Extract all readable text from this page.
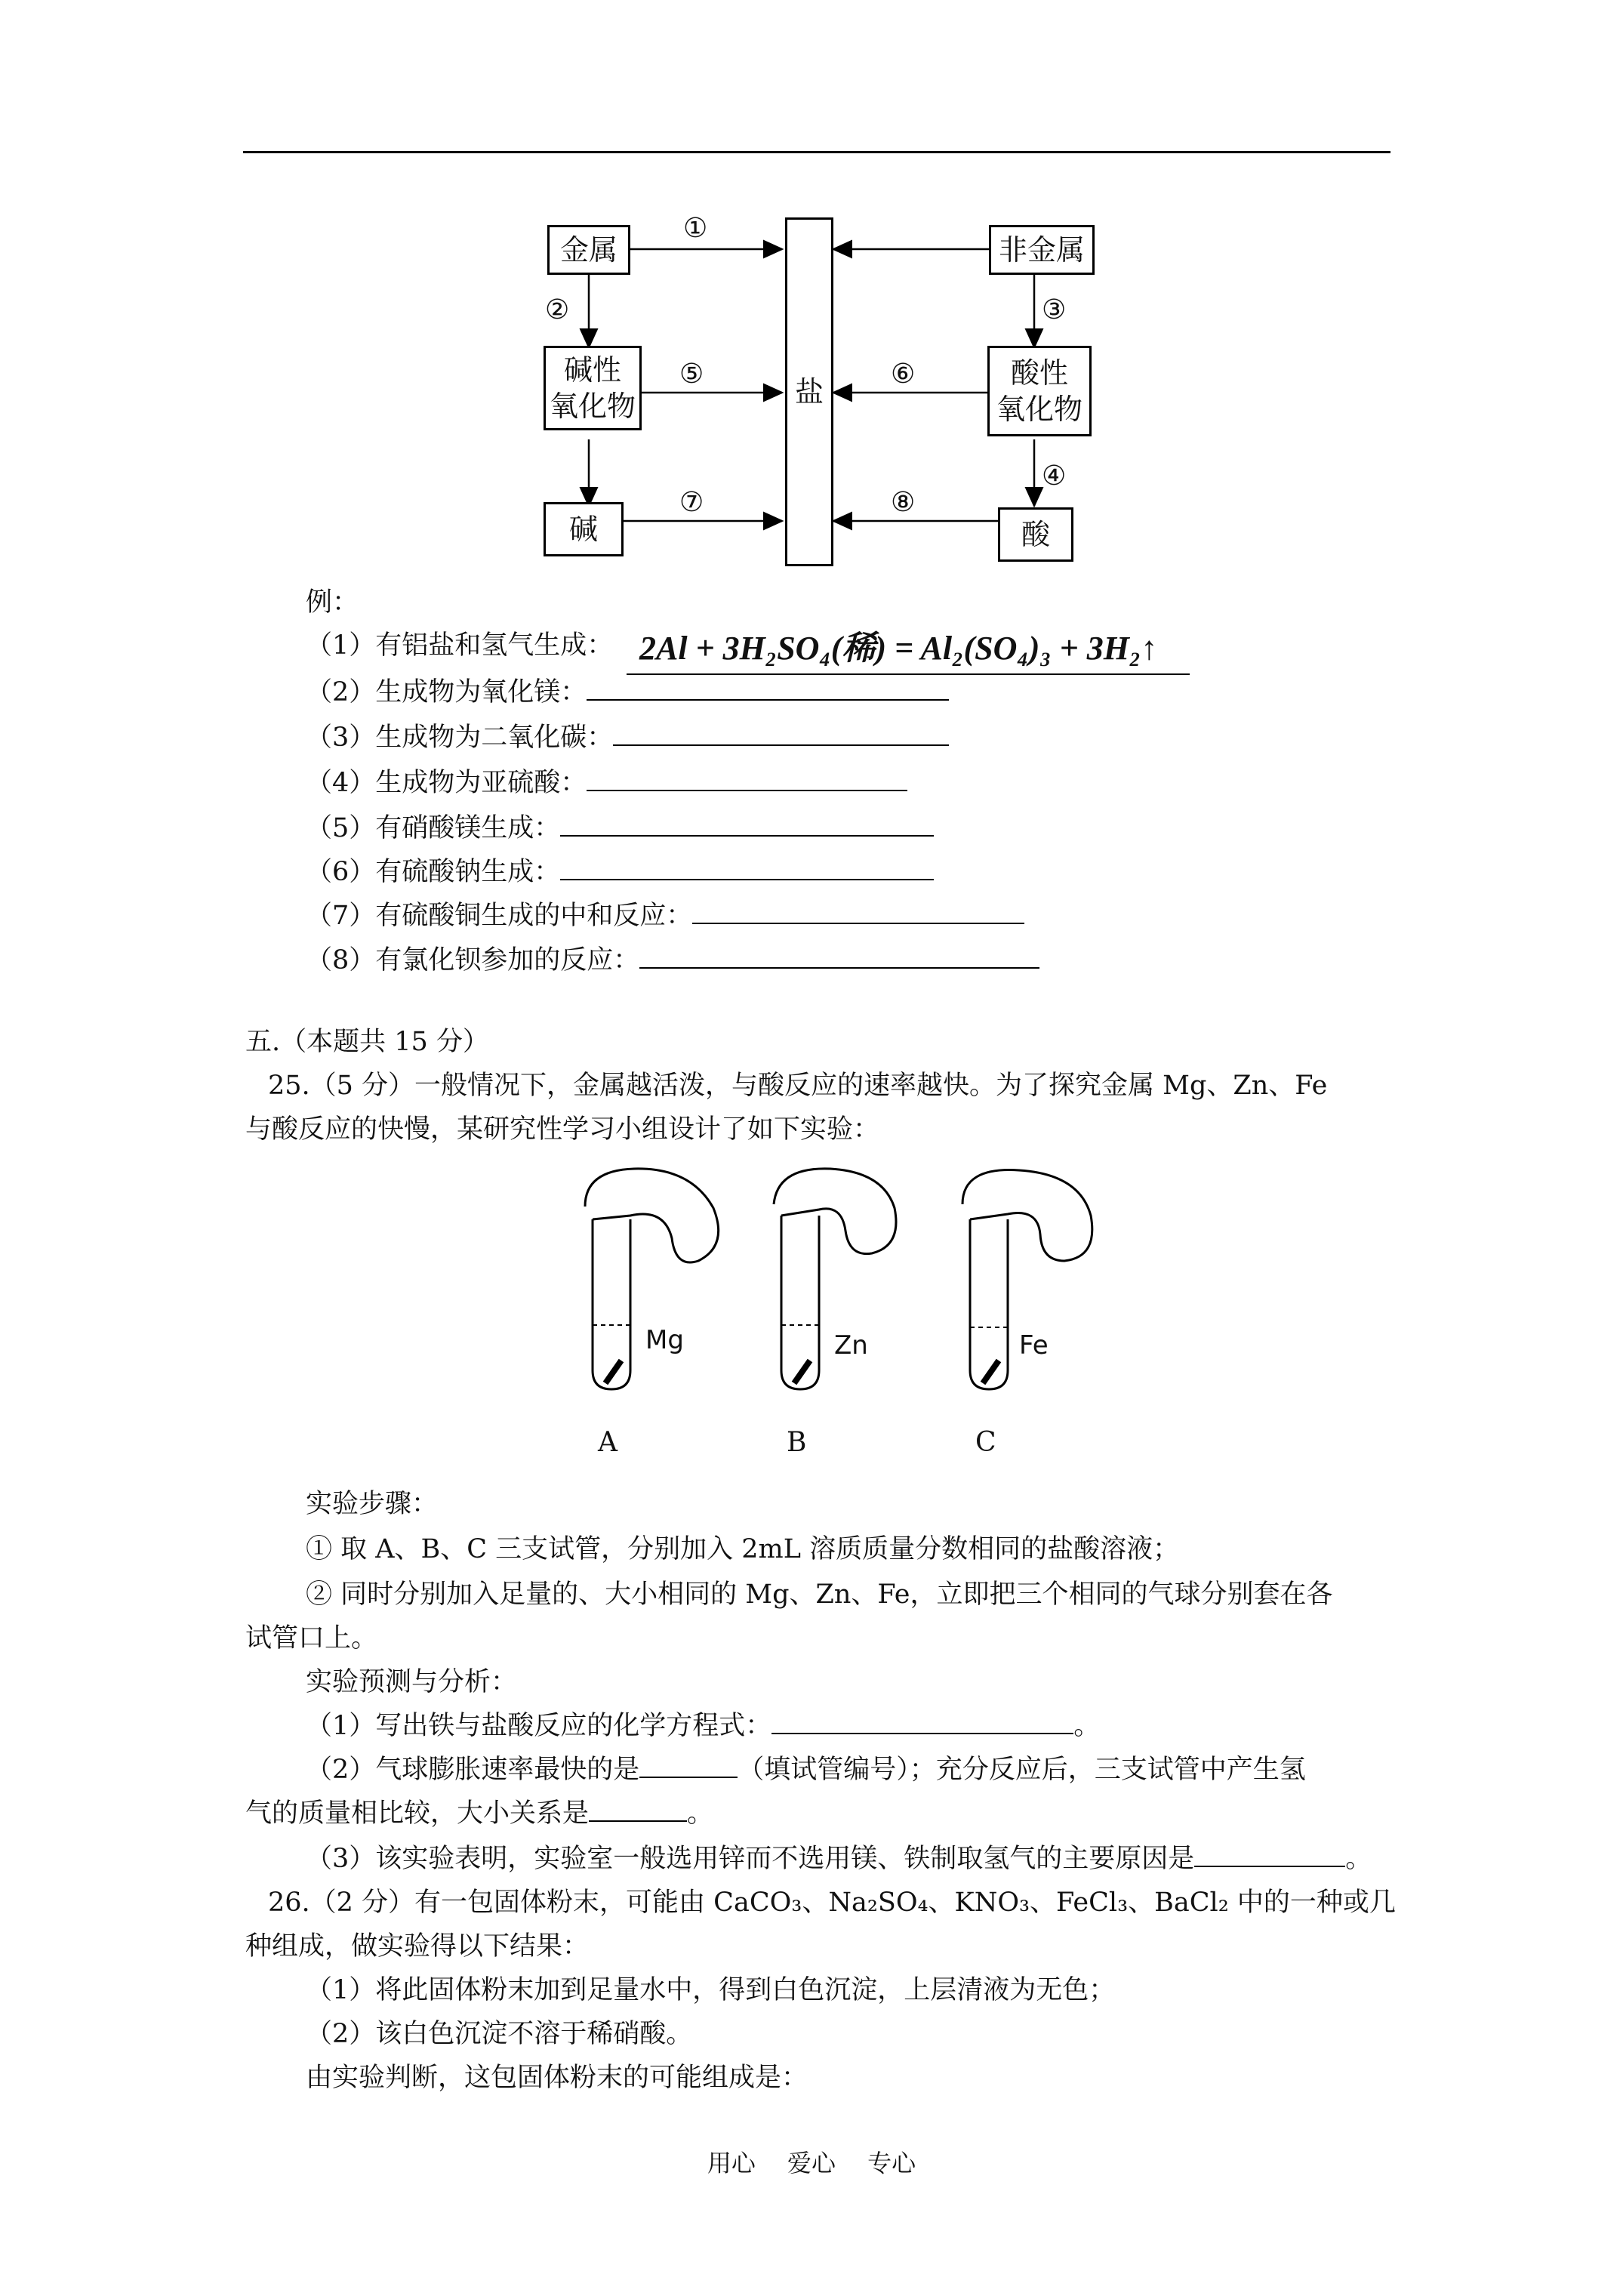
金属
碱性
氧化物
碱
盐
非金属
酸性
氧化物
酸
①
②	③
④
⑤	⑥
⑦	⑧
例：
（1）有铝盐和氢气生成： 2Al + 3H₂SO₄(稀) = Al₂(SO₄)₃ + 3H₂↑
（2）生成物为氧化镁：
（3）生成物为二氧化碳：
（4）生成物为亚硫酸：
（5）有硝酸镁生成：
（6）有硫酸钠生成：
（7）有硫酸铜生成的中和反应：
（8）有氯化钡参加的反应：
五.（本题共 15 分）
25.（5 分）一般情况下，金属越活泼，与酸反应的速率越快。为了探究金属 Mg、Zn、Fe
与酸反应的快慢，某研究性学习小组设计了如下实验：
Mg	Zn	Fe
A	B	C
实验步骤：
① 取 A、B、C 三支试管，分别加入 2mL 溶质质量分数相同的盐酸溶液；
② 同时分别加入足量的、大小相同的 Mg、Zn、Fe，立即把三个相同的气球分别套在各
试管口上。
实验预测与分析：
（1）写出铁与盐酸反应的化学方程式：	。
（2）气球膨胀速率最快的是	（填试管编号）；充分反应后，三支试管中产生氢
气的质量相比较，大小关系是	。
（3）该实验表明，实验室一般选用锌而不选用镁、铁制取氢气的主要原因是	。
26.（2 分）有一包固体粉末，可能由 CaCO₃、Na₂SO₄、KNO₃、FeCl₃、BaCl₂ 中的一种或几
种组成，做实验得以下结果：
（1）将此固体粉末加到足量水中，得到白色沉淀，上层清液为无色；
（2）该白色沉淀不溶于稀硝酸。
由实验判断，这包固体粉末的可能组成是：
用心　 爱心　 专心
